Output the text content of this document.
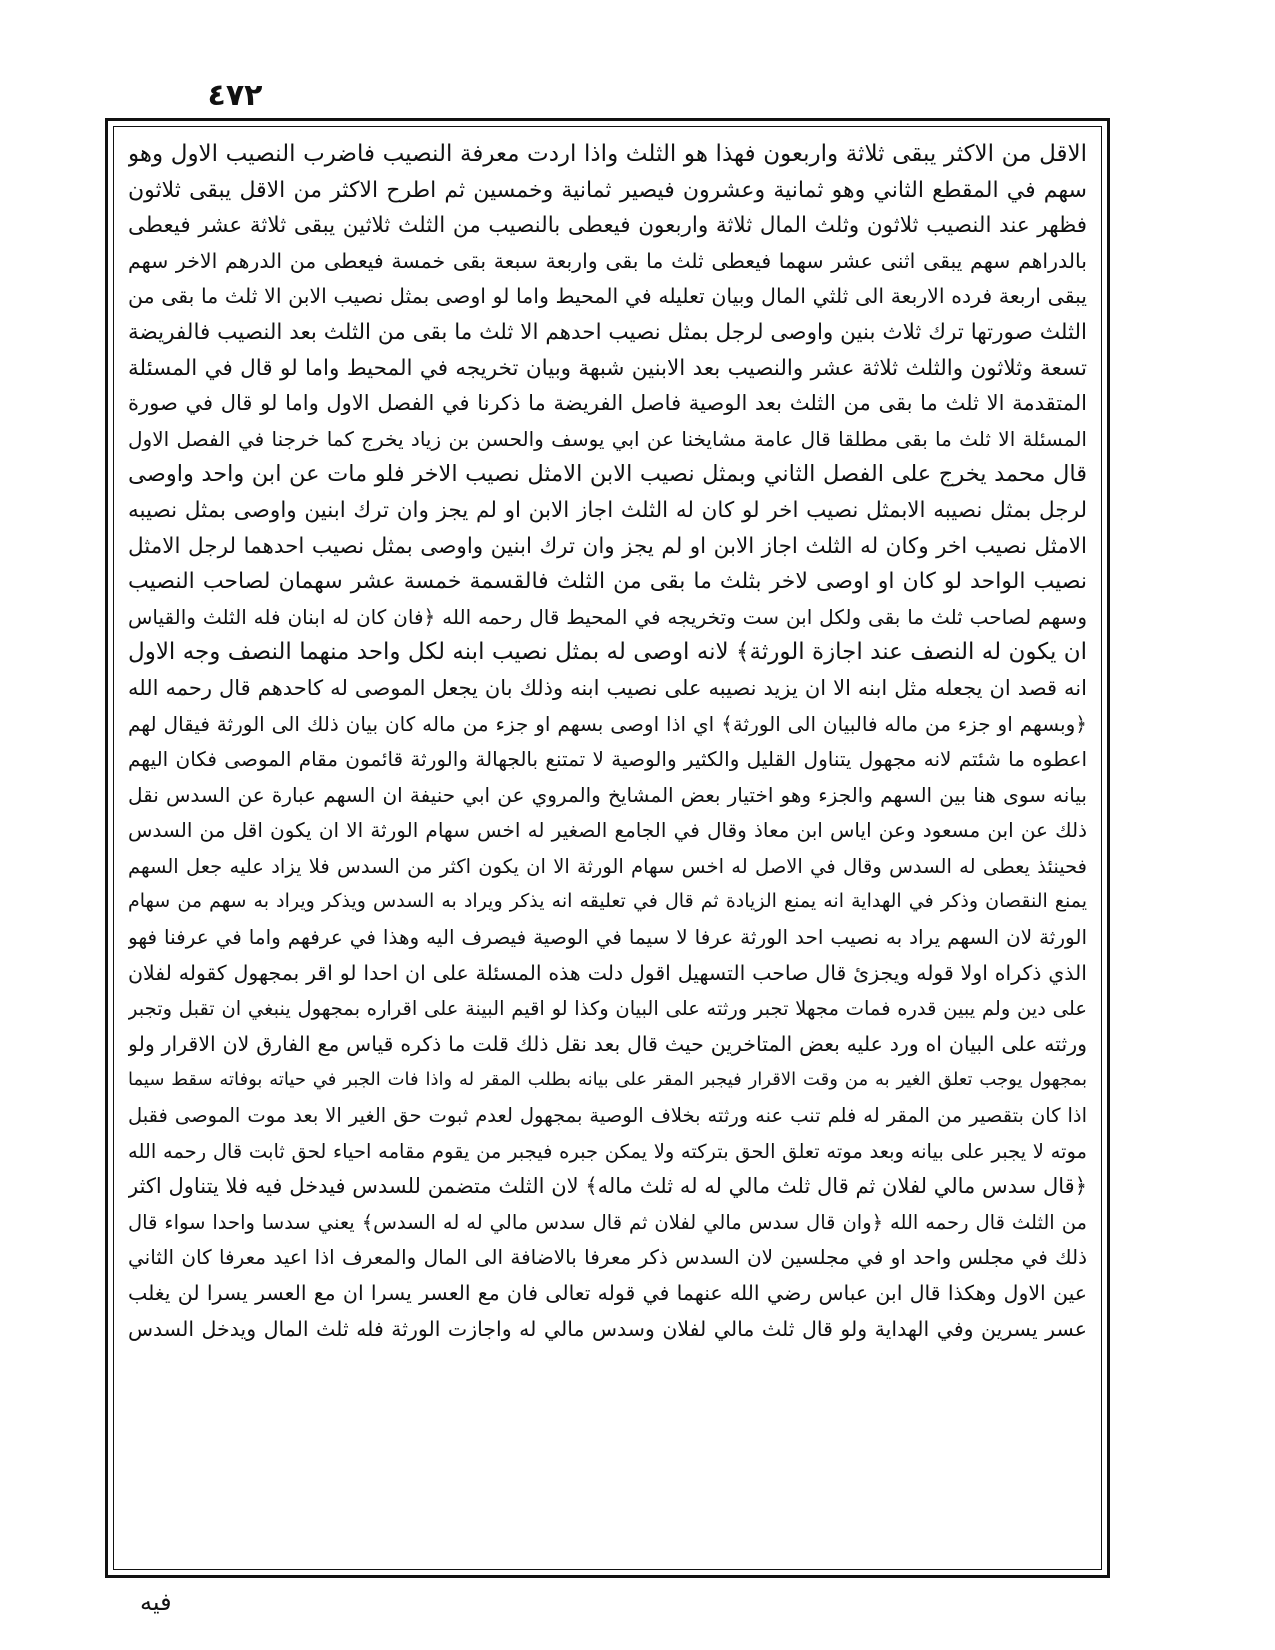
٤٧٢
الاقل من الاكثر يبقى ثلاثة واربعون فهذا هو الثلث واذا اردت معرفة النصيب فاضرب النصيب الاول وهو
سهم في المقطع الثاني وهو ثمانية وعشرون فيصير ثمانية وخمسين ثم اطرح الاكثر من الاقل يبقى ثلاثون
فظهر عند النصيب ثلاثون وثلث المال ثلاثة واربعون فيعطى بالنصيب من الثلث ثلاثين يبقى ثلاثة عشر فيعطى
بالدراهم سهم يبقى اثنى عشر سهما فيعطى ثلث ما بقى واربعة سبعة بقى خمسة فيعطى من الدرهم الاخر سهم
يبقى اربعة فرده الاربعة الى ثلثي المال وبيان تعليله في المحيط واما لو اوصى بمثل نصيب الابن الا ثلث ما بقى من
الثلث صورتها ترك ثلاث بنين واوصى لرجل بمثل نصيب احدهم الا ثلث ما بقى من الثلث بعد النصيب فالفريضة
تسعة وثلاثون والثلث ثلاثة عشر والنصيب بعد الابنين شبهة وبيان تخريجه في المحيط واما لو قال في المسئلة
المتقدمة الا ثلث ما بقى من الثلث بعد الوصية فاصل الفريضة ما ذكرنا في الفصل الاول واما لو قال في صورة
المسئلة الا ثلث ما بقى مطلقا قال عامة مشايخنا عن ابي يوسف والحسن بن زياد يخرج كما خرجنا في الفصل الاول
قال محمد يخرج على الفصل الثاني وبمثل نصيب الابن الامثل نصيب الاخر فلو مات عن ابن واحد واوصى
لرجل بمثل نصيبه الابمثل نصيب اخر لو كان له الثلث اجاز الابن او لم يجز وان ترك ابنين واوصى بمثل نصيبه
الامثل نصيب اخر وكان له الثلث اجاز الابن او لم يجز وان ترك ابنين واوصى بمثل نصيب احدهما لرجل الامثل
نصيب الواحد لو كان او اوصى لاخر بثلث ما بقى من الثلث فالقسمة خمسة عشر سهمان لصاحب النصيب
وسهم لصاحب ثلث ما بقى ولكل ابن ست وتخريجه في المحيط قال رحمه الله ﴿فان كان له ابنان فله الثلث والقياس
ان يكون له النصف عند اجازة الورثة﴾ لانه اوصى له بمثل نصيب ابنه لكل واحد منهما النصف وجه الاول
انه قصد ان يجعله مثل ابنه الا ان يزيد نصيبه على نصيب ابنه وذلك بان يجعل الموصى له كاحدهم قال رحمه الله
﴿وبسهم او جزء من ماله فالبيان الى الورثة﴾ اي اذا اوصى بسهم او جزء من ماله كان بيان ذلك الى الورثة فيقال لهم
اعطوه ما شئتم لانه مجهول يتناول القليل والكثير والوصية لا تمتنع بالجهالة والورثة قائمون مقام الموصى فكان اليهم
بيانه سوى هنا بين السهم والجزء وهو اختيار بعض المشايخ والمروي عن ابي حنيفة ان السهم عبارة عن السدس نقل
ذلك عن ابن مسعود وعن اياس ابن معاذ وقال في الجامع الصغير له اخس سهام الورثة الا ان يكون اقل من السدس
فحينئذ يعطى له السدس وقال في الاصل له اخس سهام الورثة الا ان يكون اكثر من السدس فلا يزاد عليه جعل السهم
يمنع النقصان وذكر في الهداية انه يمنع الزيادة ثم قال في تعليقه انه يذكر ويراد به السدس ويذكر ويراد به سهم من سهام
الورثة لان السهم يراد به نصيب احد الورثة عرفا لا سيما في الوصية فيصرف اليه وهذا في عرفهم واما في عرفنا فهو
الذي ذكراه اولا قوله ويجزئ قال صاحب التسهيل اقول دلت هذه المسئلة على ان احدا لو اقر بمجهول كقوله لفلان
على دين ولم يبين قدره فمات مجهلا تجبر ورثته على البيان وكذا لو اقيم البينة على اقراره بمجهول ينبغي ان تقبل وتجبر
ورثته على البيان اه ورد عليه بعض المتاخرين حيث قال بعد نقل ذلك قلت ما ذكره قياس مع الفارق لان الاقرار ولو
بمجهول يوجب تعلق الغير به من وقت الاقرار فيجبر المقر على بيانه بطلب المقر له واذا فات الجبر في حياته بوفاته سقط سيما
اذا كان بتقصير من المقر له فلم تنب عنه ورثته بخلاف الوصية بمجهول لعدم ثبوت حق الغير الا بعد موت الموصى فقبل
موته لا يجبر على بيانه وبعد موته تعلق الحق بتركته ولا يمكن جبره فيجبر من يقوم مقامه احياء لحق ثابت قال رحمه الله
﴿قال سدس مالي لفلان ثم قال ثلث مالي له له ثلث ماله﴾ لان الثلث متضمن للسدس فيدخل فيه فلا يتناول اكثر
من الثلث قال رحمه الله ﴿وان قال سدس مالي لفلان ثم قال سدس مالي له له السدس﴾ يعني سدسا واحدا سواء قال
ذلك في مجلس واحد او في مجلسين لان السدس ذكر معرفا بالاضافة الى المال والمعرف اذا اعيد معرفا كان الثاني
عين الاول وهكذا قال ابن عباس رضي الله عنهما في قوله تعالى فان مع العسر يسرا ان مع العسر يسرا لن يغلب
عسر يسرين وفي الهداية ولو قال ثلث مالي لفلان وسدس مالي له واجازت الورثة فله ثلث المال ويدخل السدس
فيه
